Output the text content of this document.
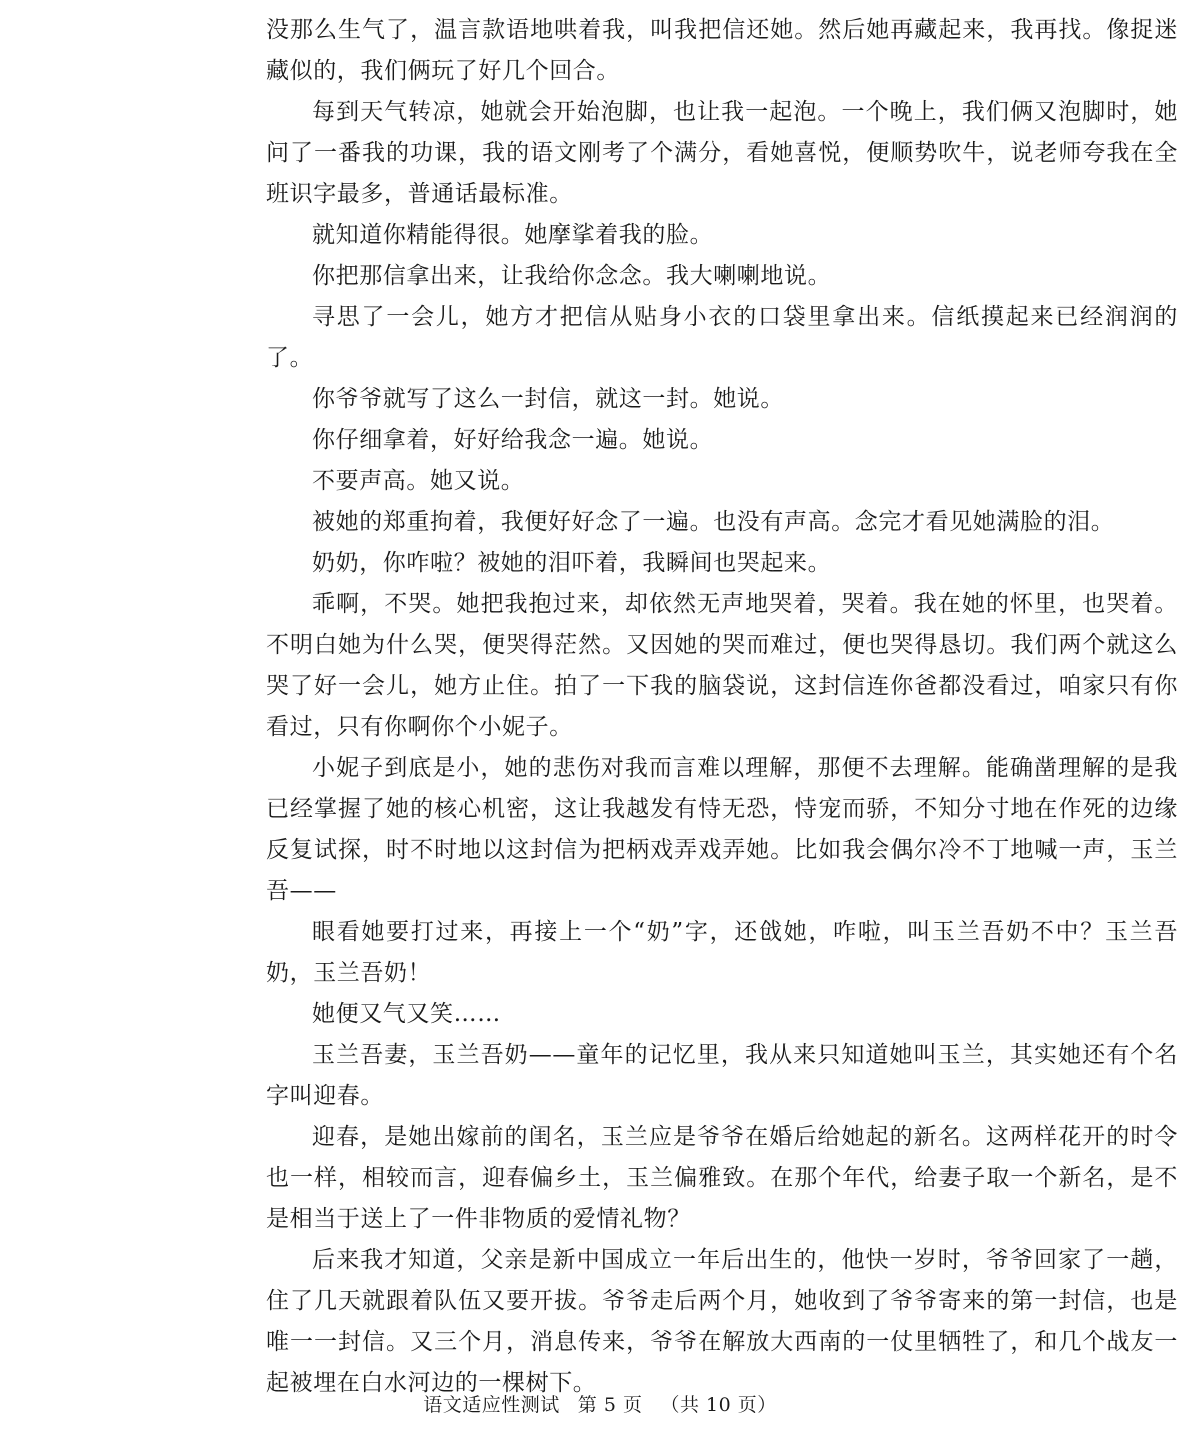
没那么生气了，温言款语地哄着我，叫我把信还她。然后她再藏起来，我再找。像捉迷藏似的，我们俩玩了好几个回合。

每到天气转凉，她就会开始泡脚，也让我一起泡。一个晚上，我们俩又泡脚时，她问了一番我的功课，我的语文刚考了个满分，看她喜悦，便顺势吹牛，说老师夸我在全班识字最多，普通话最标准。

就知道你精能得很。她摩挲着我的脸。

你把那信拿出来，让我给你念念。我大喇喇地说。

寻思了一会儿，她方才把信从贴身小衣的口袋里拿出来。信纸摸起来已经润润的了。

你爷爷就写了这么一封信，就这一封。她说。

你仔细拿着，好好给我念一遍。她说。

不要声高。她又说。

被她的郑重拘着，我便好好念了一遍。也没有声高。念完才看见她满脸的泪。

奶奶，你咋啦？被她的泪吓着，我瞬间也哭起来。

乖啊，不哭。她把我抱过来，却依然无声地哭着，哭着。我在她的怀里，也哭着。不明白她为什么哭，便哭得茫然。又因她的哭而难过，便也哭得恳切。我们两个就这么哭了好一会儿，她方止住。拍了一下我的脑袋说，这封信连你爸都没看过，咱家只有你看过，只有你啊你个小妮子。

小妮子到底是小，她的悲伤对我而言难以理解，那便不去理解。能确凿理解的是我已经掌握了她的核心机密，这让我越发有恃无恐，恃宠而骄，不知分寸地在作死的边缘反复试探，时不时地以这封信为把柄戏弄戏弄她。比如我会偶尔冷不丁地喊一声，玉兰吾——

眼看她要打过来，再接上一个“奶”字，还戗她，咋啦，叫玉兰吾奶不中？玉兰吾奶，玉兰吾奶！

她便又气又笑……

玉兰吾妻，玉兰吾奶——童年的记忆里，我从来只知道她叫玉兰，其实她还有个名字叫迎春。

迎春，是她出嫁前的闺名，玉兰应是爷爷在婚后给她起的新名。这两样花开的时令也一样，相较而言，迎春偏乡土，玉兰偏雅致。在那个年代，给妻子取一个新名，是不是相当于送上了一件非物质的爱情礼物？

后来我才知道，父亲是新中国成立一年后出生的，他快一岁时，爷爷回家了一趟，住了几天就跟着队伍又要开拔。爷爷走后两个月，她收到了爷爷寄来的第一封信，也是唯一一封信。又三个月，消息传来，爷爷在解放大西南的一仗里牺牲了，和几个战友一起被埋在白水河边的一棵树下。

语文适应性测试 第 5 页 （共 10 页）
